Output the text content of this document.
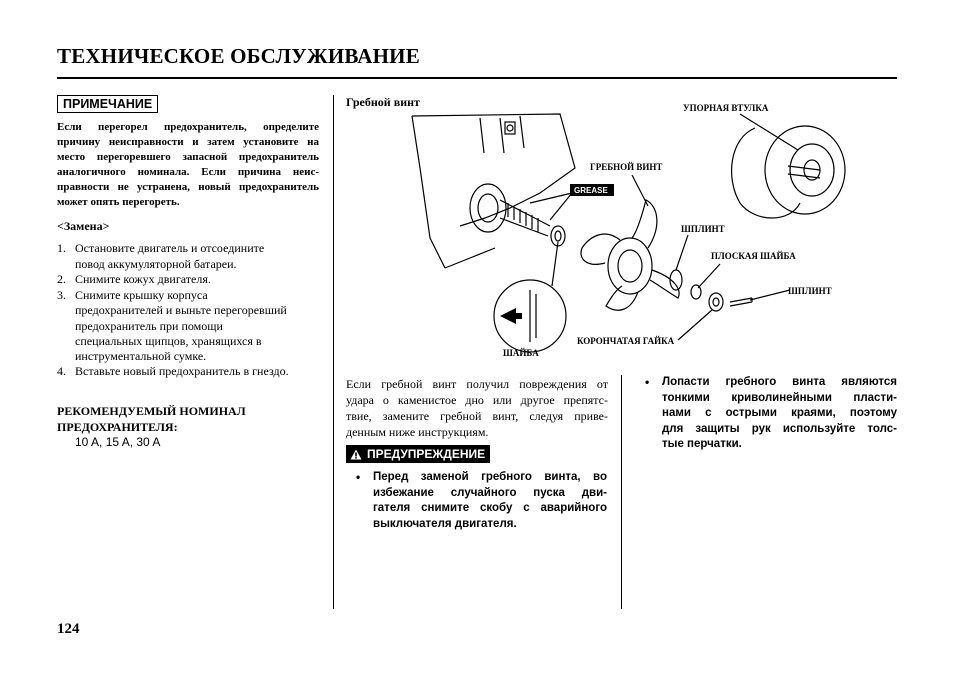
ТЕХНИЧЕСКОЕ ОБСЛУЖИВАНИЕ
ПРИМЕЧАНИЕ
Если перегорел предохранитель, определите
причину неисправности и затем установите на
место перегоревшего запасной предохранитель
аналогичного номинала. Если причина неис-
правности не устранена, новый предохранитель
может опять перегореть.
<Замена>
1. Остановите двигатель и отсоедините
повод аккумуляторной батареи.
2. Снимите кожух двигателя.
3. Снимите крышку корпуса
предохранителей и выньте перегоревший
предохранитель при помощи
специальных щипцов, хранящихся в
инструментальной сумке.
4. Вставьте новый предохранитель в гнездо.
РЕКОМЕНДУЕМЫЙ НОМИНАЛ
ПРЕДОХРАНИТЕЛЯ:
10 A, 15 A, 30 A
Гребной винт	УПОРНАЯ ВТУЛКА
ГРЕБНОЙ ВИНТ
GREASE
ШПЛИНТ
ПЛОСКАЯ ШАЙБА
ШПЛИНТ
КОРОНЧАТАЯ ГАЙКА
ШАЙБА
Если гребной винт получил повреждения от
удара о каменистое дно или другое препятс-
твие, замените гребной винт, следуя приве-
денным ниже инструкциям.
ПРЕДУПРЕЖДЕНИЕ
• Перед заменой гребного винта, во
избежание случайного пуска дви-
гателя снимите скобу с аварийного
выключателя двигателя.
• Лопасти гребного винта являются
тонкими криволинейными пласти-
нами с острыми краями, поэтому
для защиты рук используйте толс-
тые перчатки.
124
